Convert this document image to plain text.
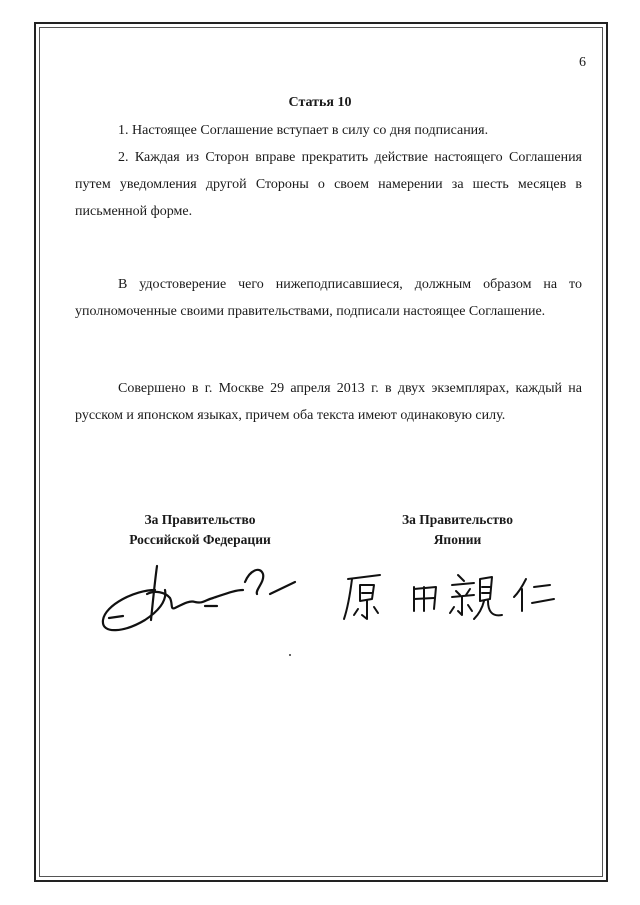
6
Статья 10

1. Настоящее Соглашение вступает в силу со дня подписания.

2. Каждая из Сторон вправе прекратить действие настоящего Соглашения путем уведомления другой Стороны о своем намерении за шесть месяцев в письменной форме.

В удостоверение чего нижеподписавшиеся, должным образом на то уполномоченные своими правительствами, подписали настоящее Соглашение.

Совершено в г. Москве 29 апреля 2013 г. в двух экземплярах, каждый на русском и японском языках, причем оба текста имеют одинаковую силу.

За Правительство
Российской Федерации
За Правительство
Японии
